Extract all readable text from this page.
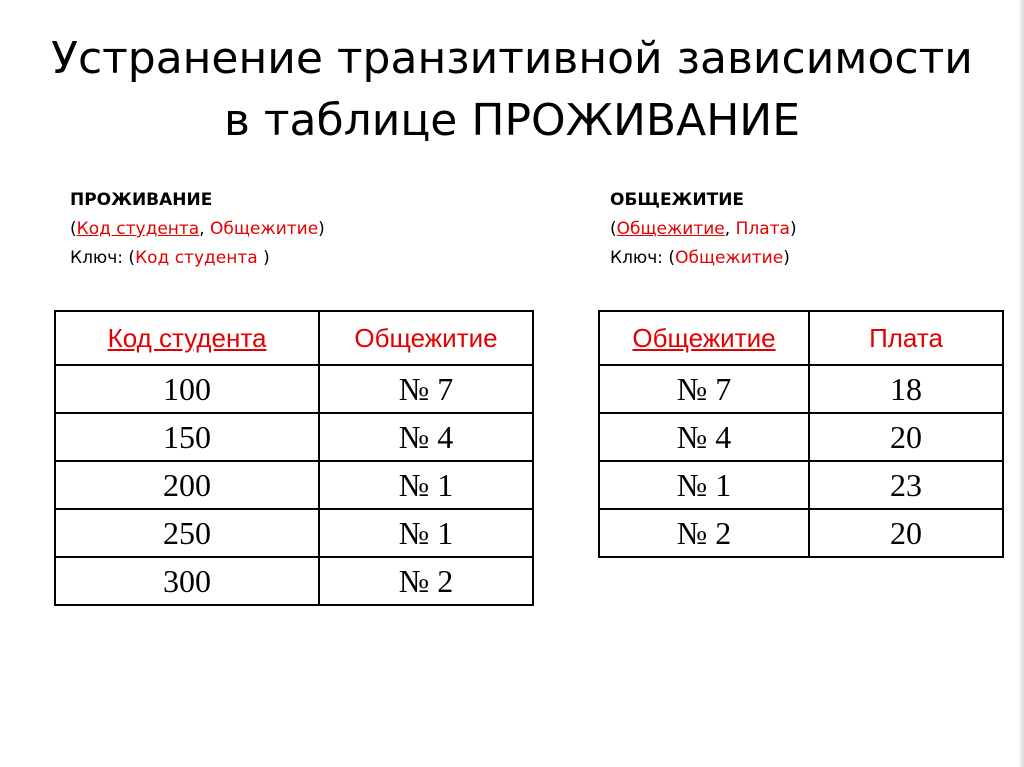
Устранение транзитивной зависимости
в таблице ПРОЖИВАНИЕ
ПРОЖИВАНИЕ
(Код студента, Общежитие)
Ключ: (Код студента )
ОБЩЕЖИТИЕ
(Общежитие, Плата)
Ключ: (Общежитие)
Код студента	Общежитие
100	№ 7
150	№ 4
200	№ 1
250	№ 1
300	№ 2
Общежитие	Плата
№ 7	18
№ 4	20
№ 1	23
№ 2	20
